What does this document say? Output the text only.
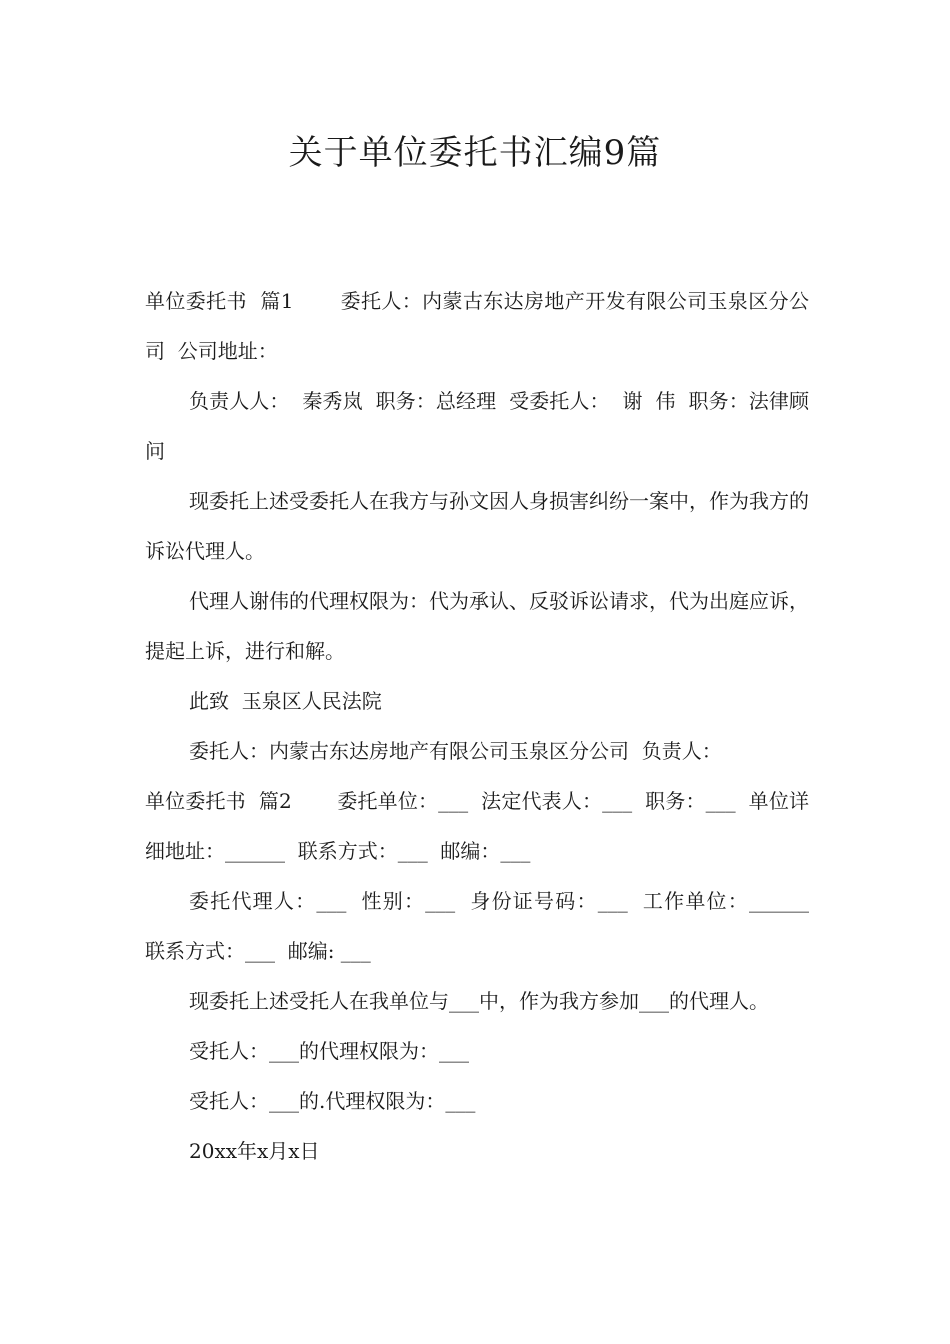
关于单位委托书汇编9篇

单位委托书  篇1       委托人：内蒙古东达房地产开发有限公司玉泉区分公司  公司地址：

负责人人：  秦秀岚  职务：总经理  受委托人：  谢  伟  职务：法律顾问

现委托上述受委托人在我方与孙文因人身损害纠纷一案中，作为我方的诉讼代理人。

代理人谢伟的代理权限为：代为承认、反驳诉讼请求，代为出庭应诉，提起上诉，进行和解。

此致  玉泉区人民法院

委托人：内蒙古东达房地产有限公司玉泉区分公司  负责人：

单位委托书  篇2       委托单位：___  法定代表人：___  职务：___  单位详细地址：______  联系方式：___  邮编：___

委托代理人：___  性别：___  身份证号码：___  工作单位：______  联系方式：___  邮编: ___

现委托上述受托人在我单位与___中，作为我方参加___的代理人。

受托人：___的代理权限为：___

受托人：___的.代理权限为：___

20xx年x月x日
